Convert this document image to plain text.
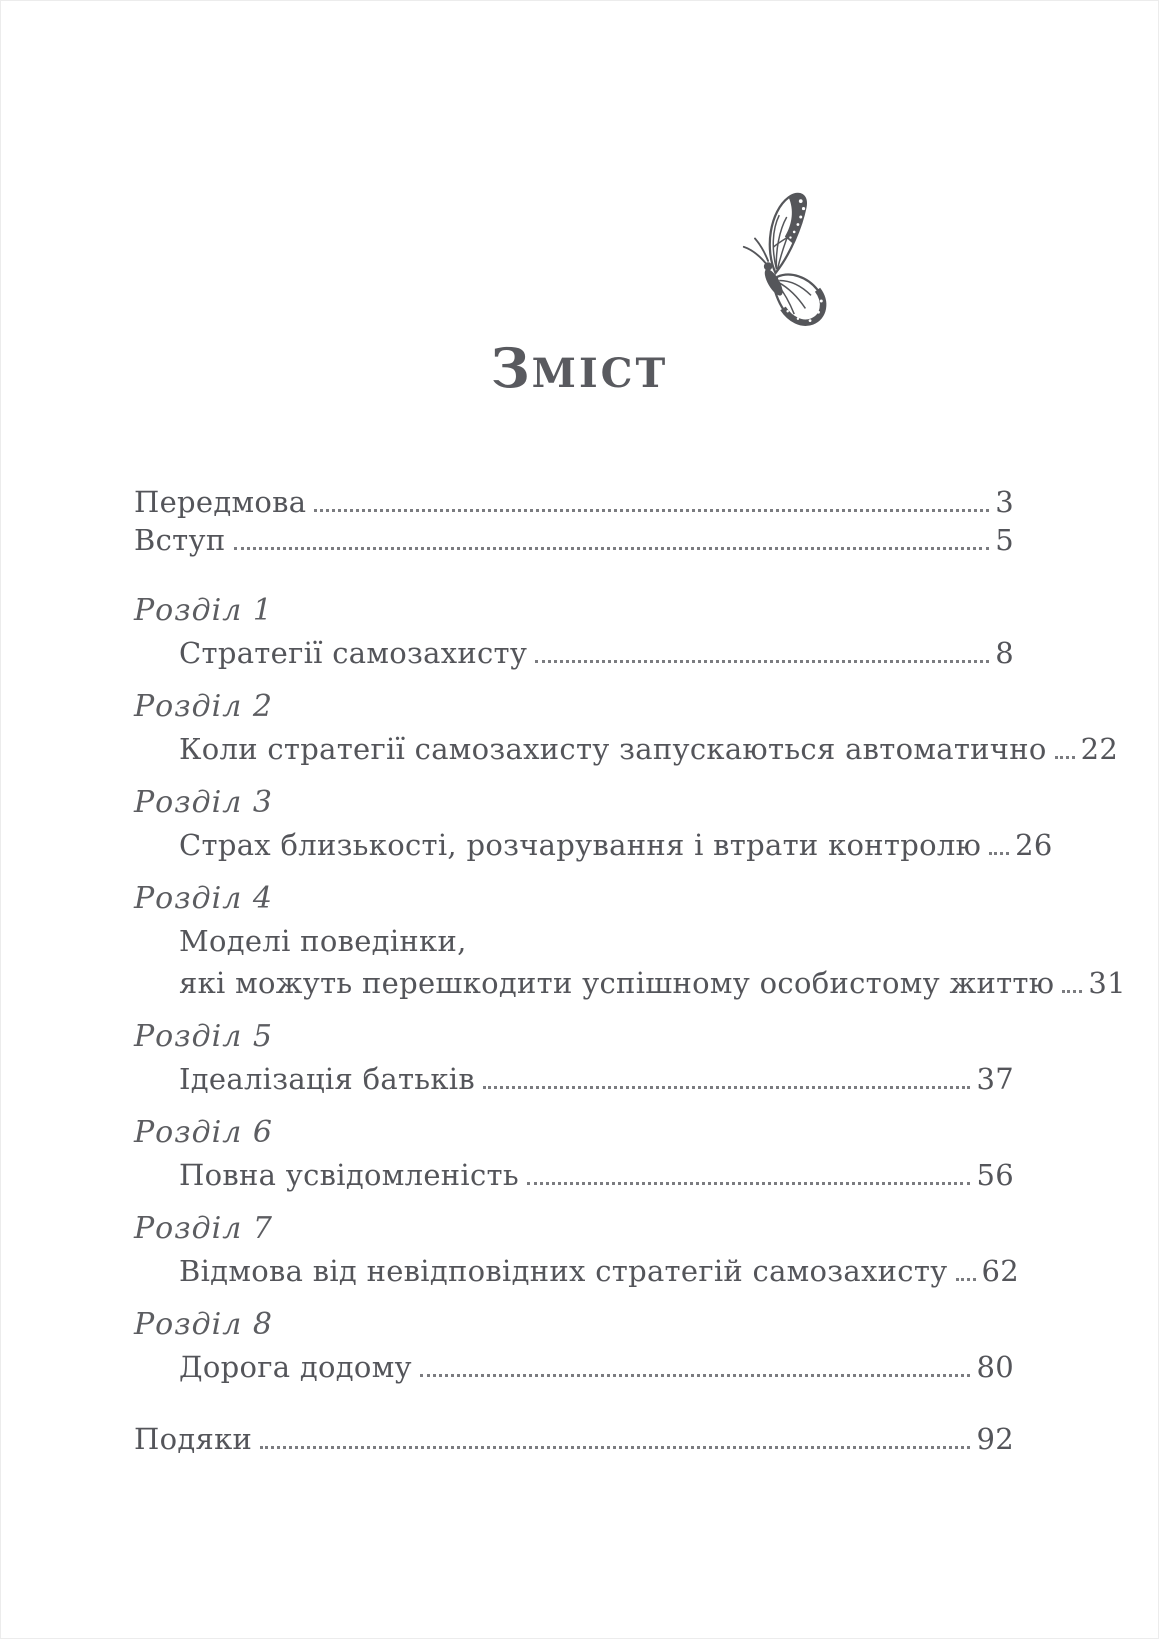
ЗМІСТ
Передмова	3
Вступ	5
Розділ 1
Стратегії самозахисту	8
Розділ 2
Коли стратегії самозахисту запускаються автоматично 22
Розділ 3
Страх близькості, розчарування і втрати контролю 26
Розділ 4
Моделі поведінки,
які можуть перешкодити успішному особистому життю 31
Розділ 5
Ідеалізація батьків	37
Розділ 6
Повна усвідомленість	56
Розділ 7
Відмова від невідповідних стратегій самозахисту 62
Розділ 8
Дорога додому	80
Подяки	92
